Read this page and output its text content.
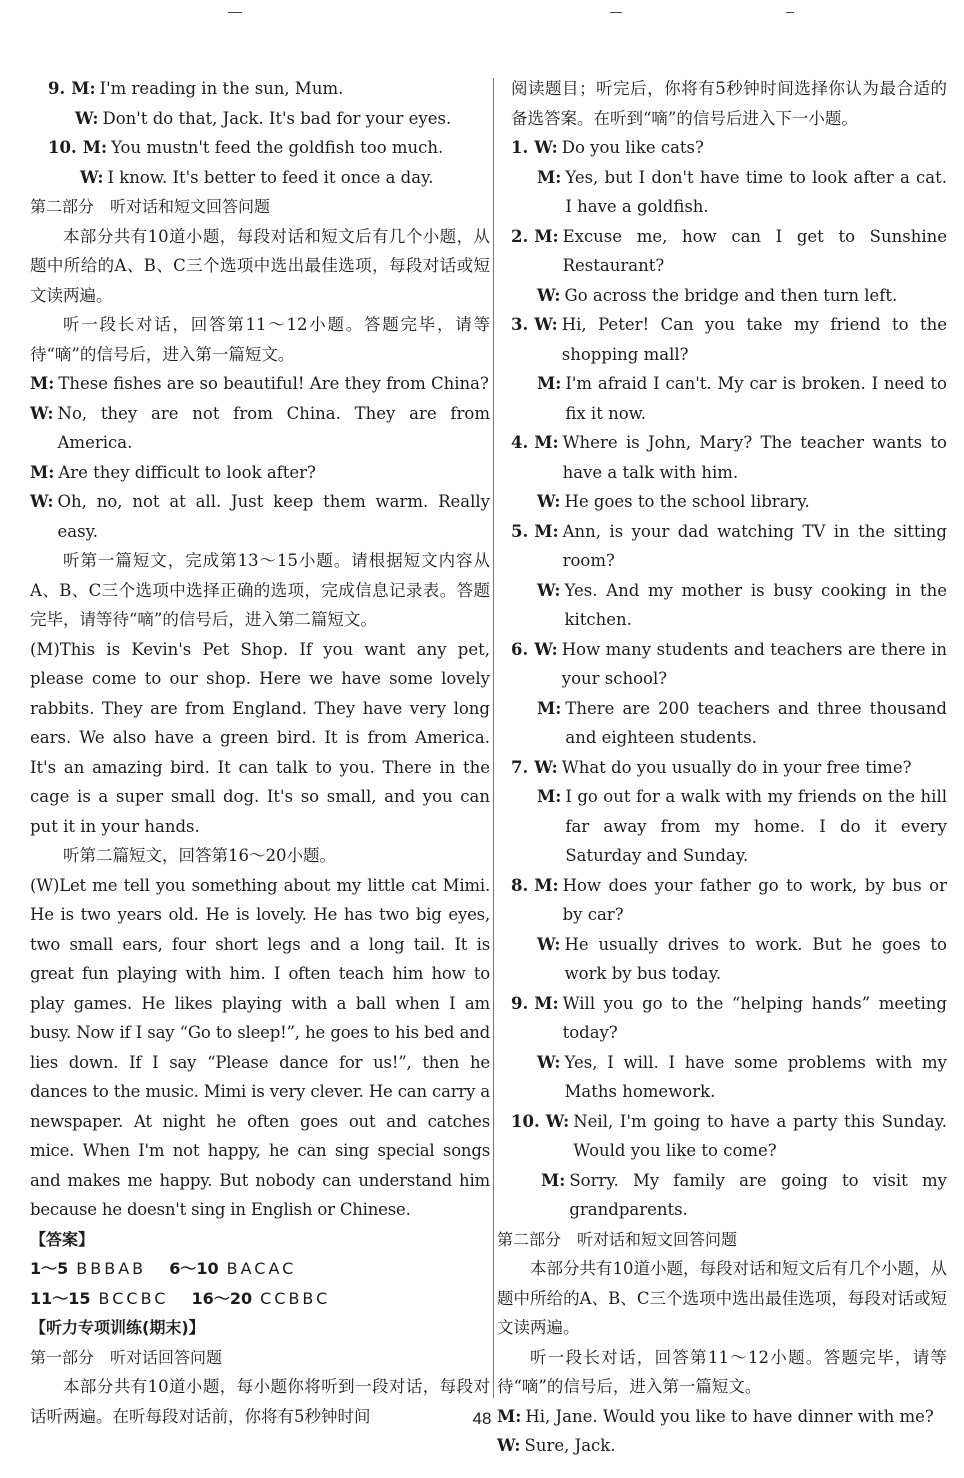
9. M: I'm reading in the sun, Mum.
W: Don't do that, Jack. It's bad for your eyes.
10. M: You mustn't feed the goldfish too much.
W: I know. It's better to feed it once a day.

第二部分　听对话和短文回答问题

本部分共有10道小题，每段对话和短文后有几个小题，从题中所给的A、B、C三个选项中选出最佳选项，每段对话或短文读两遍。

听一段长对话，回答第11～12小题。答题完毕，请等待“嘀”的信号后，进入第一篇短文。

M: These fishes are so beautiful! Are they from China?
W: No, they are not from China. They are from America.
M: Are they difficult to look after?
W: Oh, no, not at all. Just keep them warm. Really easy.

听第一篇短文，完成第13～15小题。请根据短文内容从A、B、C三个选项中选择正确的选项，完成信息记录表。答题完毕，请等待“嘀”的信号后，进入第二篇短文。

(M)This is Kevin's Pet Shop. If you want any pet, please come to our shop. Here we have some lovely rabbits. They are from England. They have very long ears. We also have a green bird. It is from America. It's an amazing bird. It can talk to you. There in the cage is a super small dog. It's so small, and you can put it in your hands.

听第二篇短文，回答第16～20小题。

(W)Let me tell you something about my little cat Mimi. He is two years old. He is lovely. He has two big eyes, two small ears, four short legs and a long tail. It is great fun playing with him. I often teach him how to play games. He likes playing with a ball when I am busy. Now if I say “Go to sleep!”, he goes to his bed and lies down. If I say “Please dance for us!”, then he dances to the music. Mimi is very clever. He can carry a newspaper. At night he often goes out and catches mice. When I'm not happy, he can sing special songs and makes me happy. But nobody can understand him because he doesn't sing in English or Chinese.

【答案】

1～5 BBBAB 6～10 BACAC

11～15 BCCBC 16～20 CCBBC

【听力专项训练(期末)】

第一部分　听对话回答问题

本部分共有10道小题，每小题你将听到一段对话，每段对话听两遍。在听每段对话前，你将有5秒钟时间

阅读题目；听完后，你将有5秒钟时间选择你认为最合适的备选答案。在听到“嘀”的信号后进入下一小题。

1. W: Do you like cats?
M: Yes, but I don't have time to look after a cat. I have a goldfish.
2. M: Excuse me, how can I get to Sunshine Restaurant?
W: Go across the bridge and then turn left.
3. W: Hi, Peter! Can you take my friend to the shopping mall?
M: I'm afraid I can't. My car is broken. I need to fix it now.
4. M: Where is John, Mary? The teacher wants to have a talk with him.
W: He goes to the school library.
5. M: Ann, is your dad watching TV in the sitting room?
W: Yes. And my mother is busy cooking in the kitchen.
6. W: How many students and teachers are there in your school?
M: There are 200 teachers and three thousand and eighteen students.
7. W: What do you usually do in your free time?
M: I go out for a walk with my friends on the hill far away from my home. I do it every Saturday and Sunday.
8. M: How does your father go to work, by bus or by car?
W: He usually drives to work. But he goes to work by bus today.
9. M: Will you go to the “helping hands” meeting today?
W: Yes, I will. I have some problems with my Maths homework.
10. W: Neil, I'm going to have a party this Sunday. Would you like to come?
M: Sorry. My family are going to visit my grandparents.

第二部分　听对话和短文回答问题

本部分共有10道小题，每段对话和短文后有几个小题，从题中所给的A、B、C三个选项中选出最佳选项，每段对话或短文读两遍。

听一段长对话，回答第11～12小题。答题完毕，请等待“嘀”的信号后，进入第一篇短文。

M: Hi, Jane. Would you like to have dinner with me?
W: Sure, Jack.
48
